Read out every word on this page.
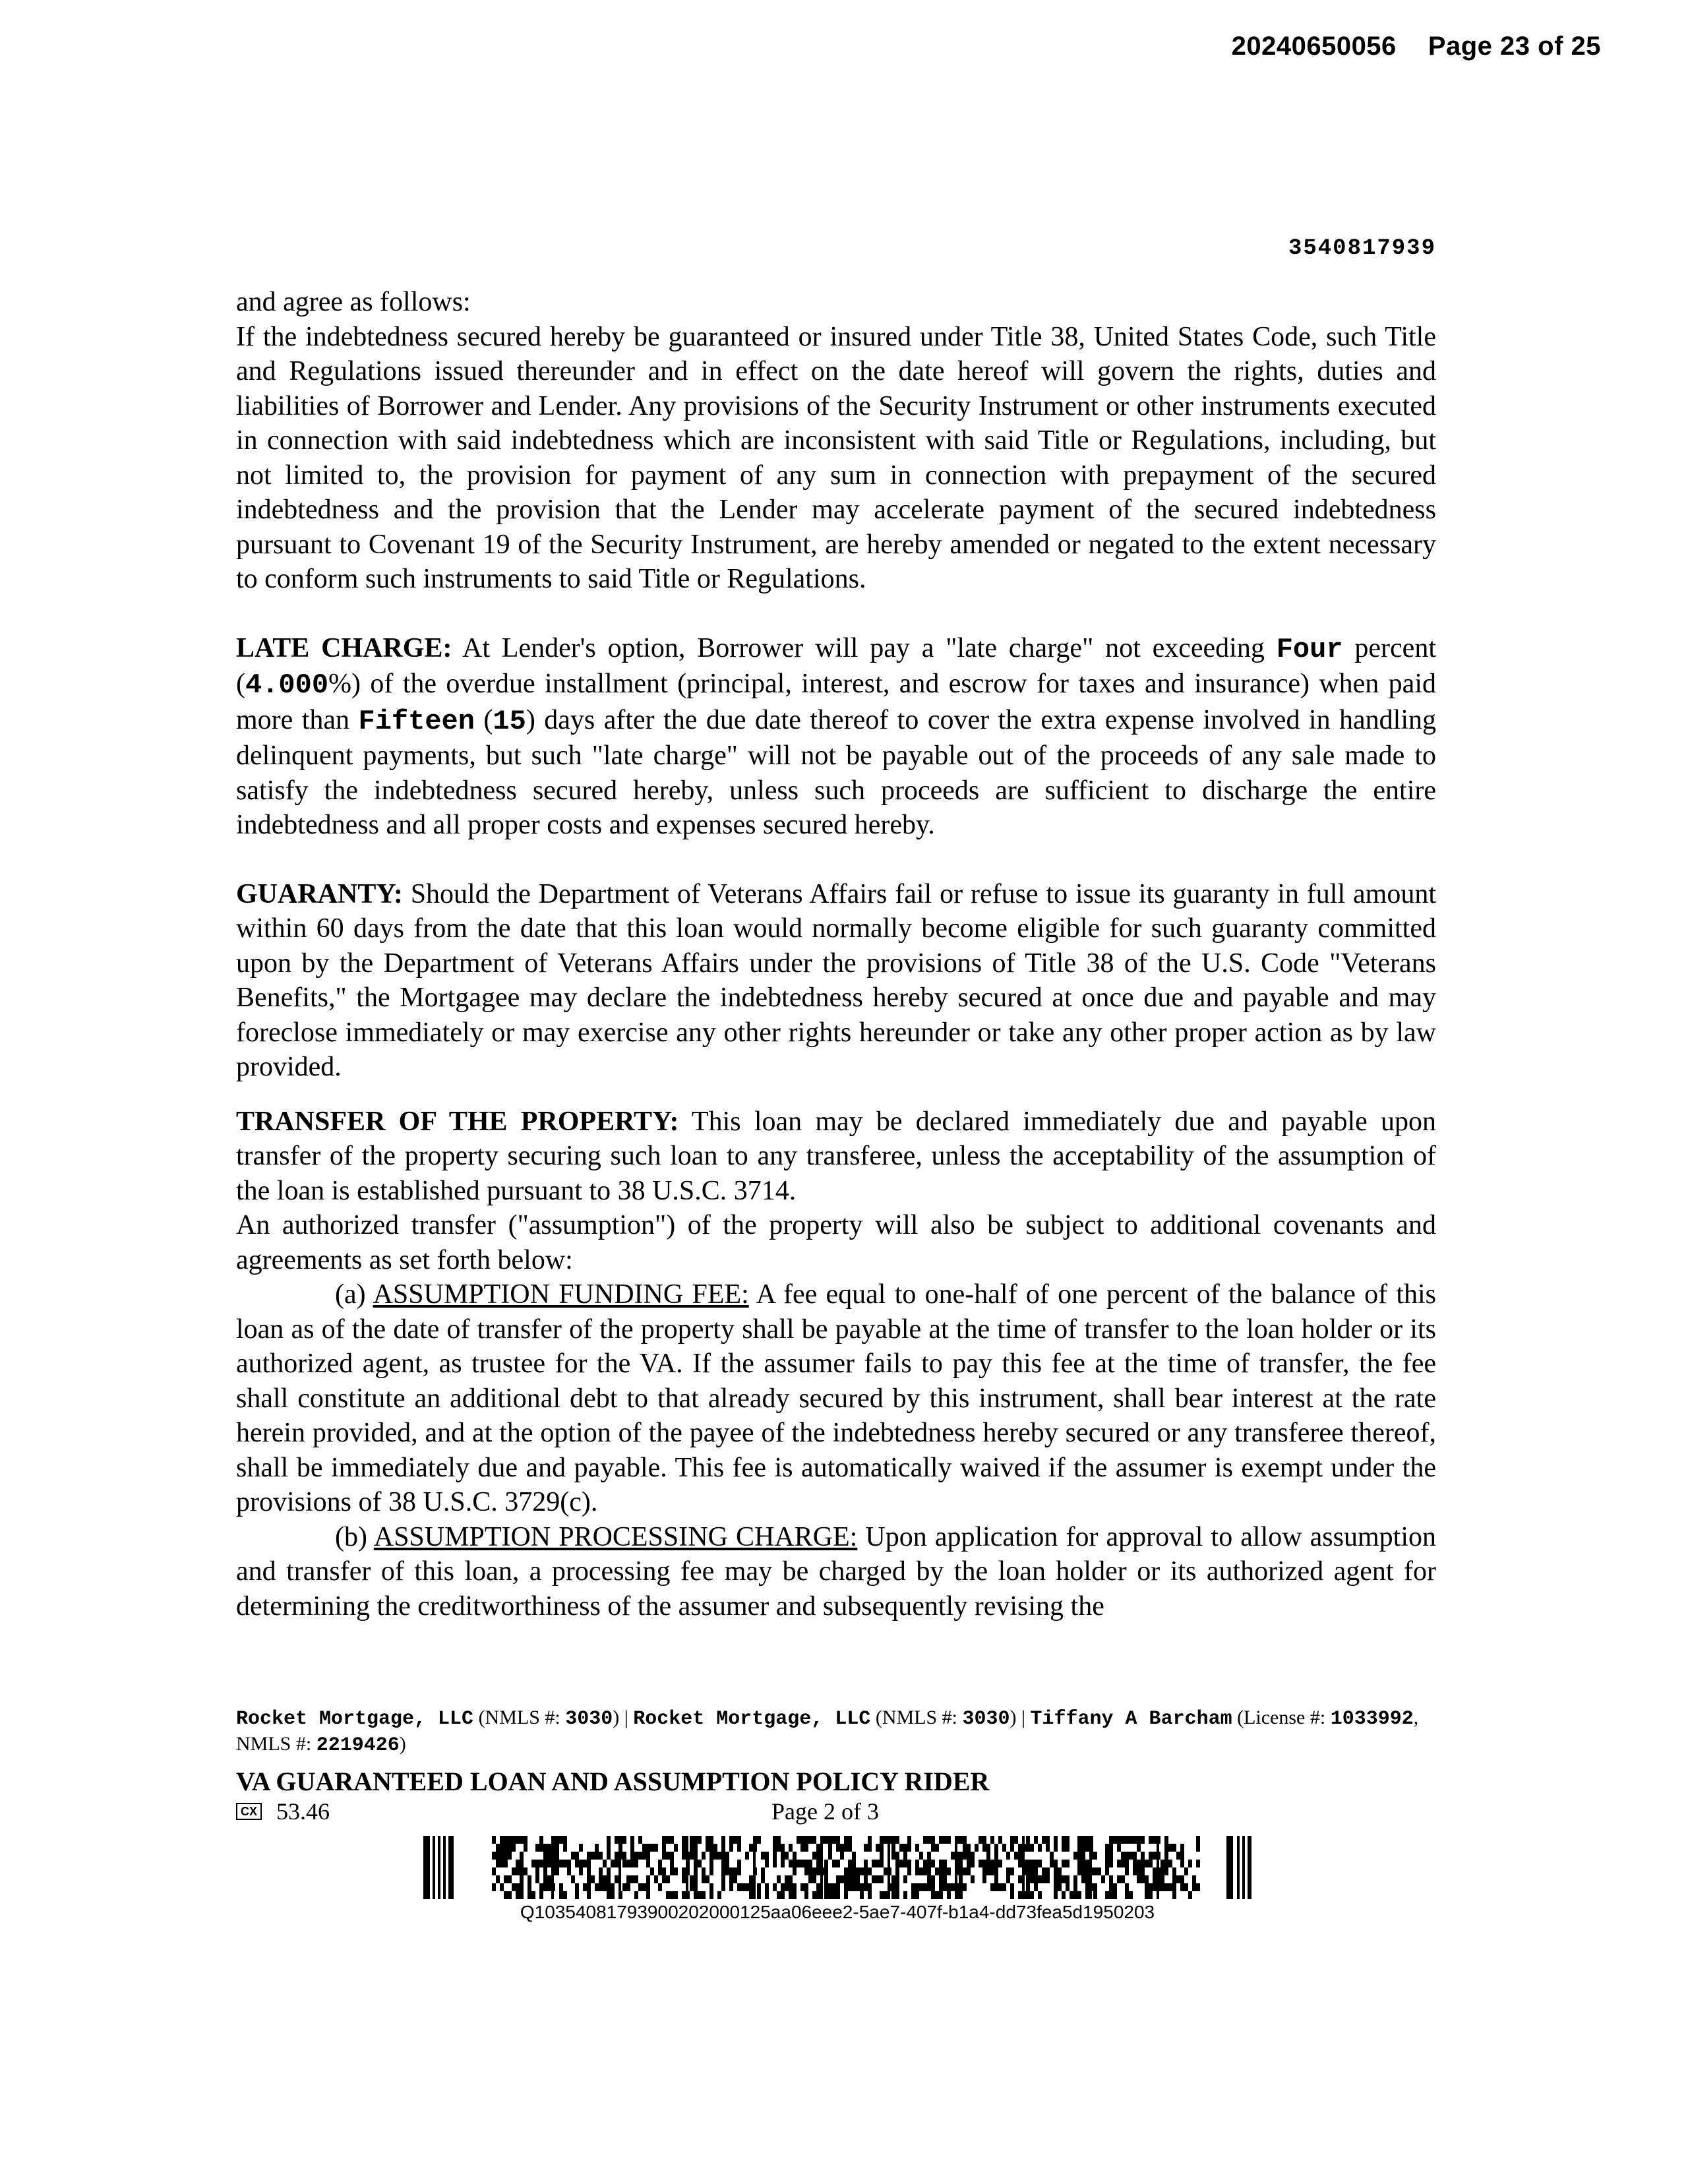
20240650056 Page 23 of 25
3540817939

and agree as follows:

If the indebtedness secured hereby be guaranteed or insured under Title 38, United States Code, such Title and Regulations issued thereunder and in effect on the date hereof will govern the rights, duties and liabilities of Borrower and Lender. Any provisions of the Security Instrument or other instruments executed in connection with said indebtedness which are inconsistent with said Title or Regulations, including, but not limited to, the provision for payment of any sum in connection with prepayment of the secured indebtedness and the provision that the Lender may accelerate payment of the secured indebtedness pursuant to Covenant 19 of the Security Instrument, are hereby amended or negated to the extent necessary to conform such instruments to said Title or Regulations.

LATE CHARGE: At Lender's option, Borrower will pay a "late charge" not exceeding Four percent (4.000%) of the overdue installment (principal, interest, and escrow for taxes and insurance) when paid more than Fifteen (15) days after the due date thereof to cover the extra expense involved in handling delinquent payments, but such "late charge" will not be payable out of the proceeds of any sale made to satisfy the indebtedness secured hereby, unless such proceeds are sufficient to discharge the entire indebtedness and all proper costs and expenses secured hereby.

GUARANTY: Should the Department of Veterans Affairs fail or refuse to issue its guaranty in full amount within 60 days from the date that this loan would normally become eligible for such guaranty committed upon by the Department of Veterans Affairs under the provisions of Title 38 of the U.S. Code "Veterans Benefits," the Mortgagee may declare the indebtedness hereby secured at once due and payable and may foreclose immediately or may exercise any other rights hereunder or take any other proper action as by law provided.

TRANSFER OF THE PROPERTY: This loan may be declared immediately due and payable upon transfer of the property securing such loan to any transferee, unless the acceptability of the assumption of the loan is established pursuant to 38 U.S.C. 3714.

An authorized transfer ("assumption") of the property will also be subject to additional covenants and agreements as set forth below:

(a) ASSUMPTION FUNDING FEE: A fee equal to one-half of one percent of the balance of this loan as of the date of transfer of the property shall be payable at the time of transfer to the loan holder or its authorized agent, as trustee for the VA. If the assumer fails to pay this fee at the time of transfer, the fee shall constitute an additional debt to that already secured by this instrument, shall bear interest at the rate herein provided, and at the option of the payee of the indebtedness hereby secured or any transferee thereof, shall be immediately due and payable. This fee is automatically waived if the assumer is exempt under the provisions of 38 U.S.C. 3729(c).

(b) ASSUMPTION PROCESSING CHARGE: Upon application for approval to allow assumption and transfer of this loan, a processing fee may be charged by the loan holder or its authorized agent for determining the creditworthiness of the assumer and subsequently revising the

Rocket Mortgage, LLC (NMLS #: 3030) | Rocket Mortgage, LLC (NMLS #: 3030) | Tiffany A Barcham (License #: 1033992, NMLS #: 2219426)
VA GUARANTEED LOAN AND ASSUMPTION POLICY RIDER
CX 53.46	Page 2 of 3
Q10354081793900202000125aa06eee2-5ae7-407f-b1a4-dd73fea5d1950203
